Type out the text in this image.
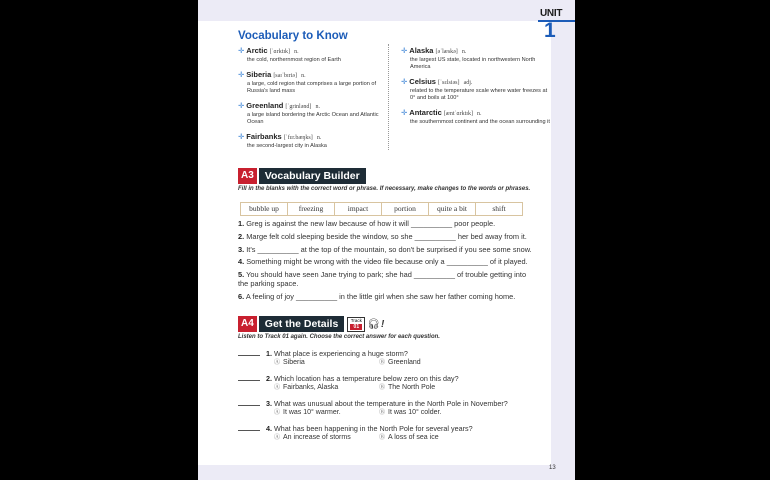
UNIT
1
13
Vocabulary to Know
✛ Arctic [ˈɑrktɪk] n.
the cold, northernmost region of Earth
✛ Siberia [saɪˈbɪriə] n.
a large, cold region that comprises a large portion of Russia's land mass
✛ Greenland [ˈgrinlənd] n.
a large island bordering the Arctic Ocean and Atlantic Ocean
✛ Fairbanks [ˈfɛr.bæŋks] n.
the second-largest city in Alaska
✛ Alaska [əˈlæskə] n.
the largest US state, located in northwestern North America
✛ Celsius [ˈsɛlsiəs] adj.
related to the temperature scale where water freezes at 0° and boils at 100°
✛ Antarctic [æntˈɑrktɪk] n.
the southernmost continent and the ocean surrounding it
A3	Vocabulary Builder
Fill in the blanks with the correct word or phrase. If necessary, make changes to the words or phrases.
bubble up	freezing	impact	portion	quite a bit	shift
1. Greg is against the new law because of how it will __________ poor people.
2. Marge felt cold sleeping beside the window, so she __________ her bed away from it.
3. It's __________ at the top of the mountain, so don't be surprised if you see some snow.
4. Something might be wrong with the video file because only a __________ of it played.
5. You should have seen Jane trying to park; she had __________ of trouble getting into the parking space.
6. A feeling of joy __________ in the little girl when she saw her father coming home.
A4	Get the Details	Track
01 🎧︎ !
Listen to Track 01 again. Choose the correct answer for each question.
1. What place is experiencing a huge storm?
Ⓐ Siberia	Ⓑ Greenland
2. Which location has a temperature below zero on this day?
Ⓐ Fairbanks, Alaska	Ⓑ The North Pole
3. What was unusual about the temperature in the North Pole in November?
Ⓐ It was 10° warmer.	Ⓑ It was 10° colder.
4. What has been happening in the North Pole for several years?
Ⓐ An increase of storms	Ⓑ A loss of sea ice
